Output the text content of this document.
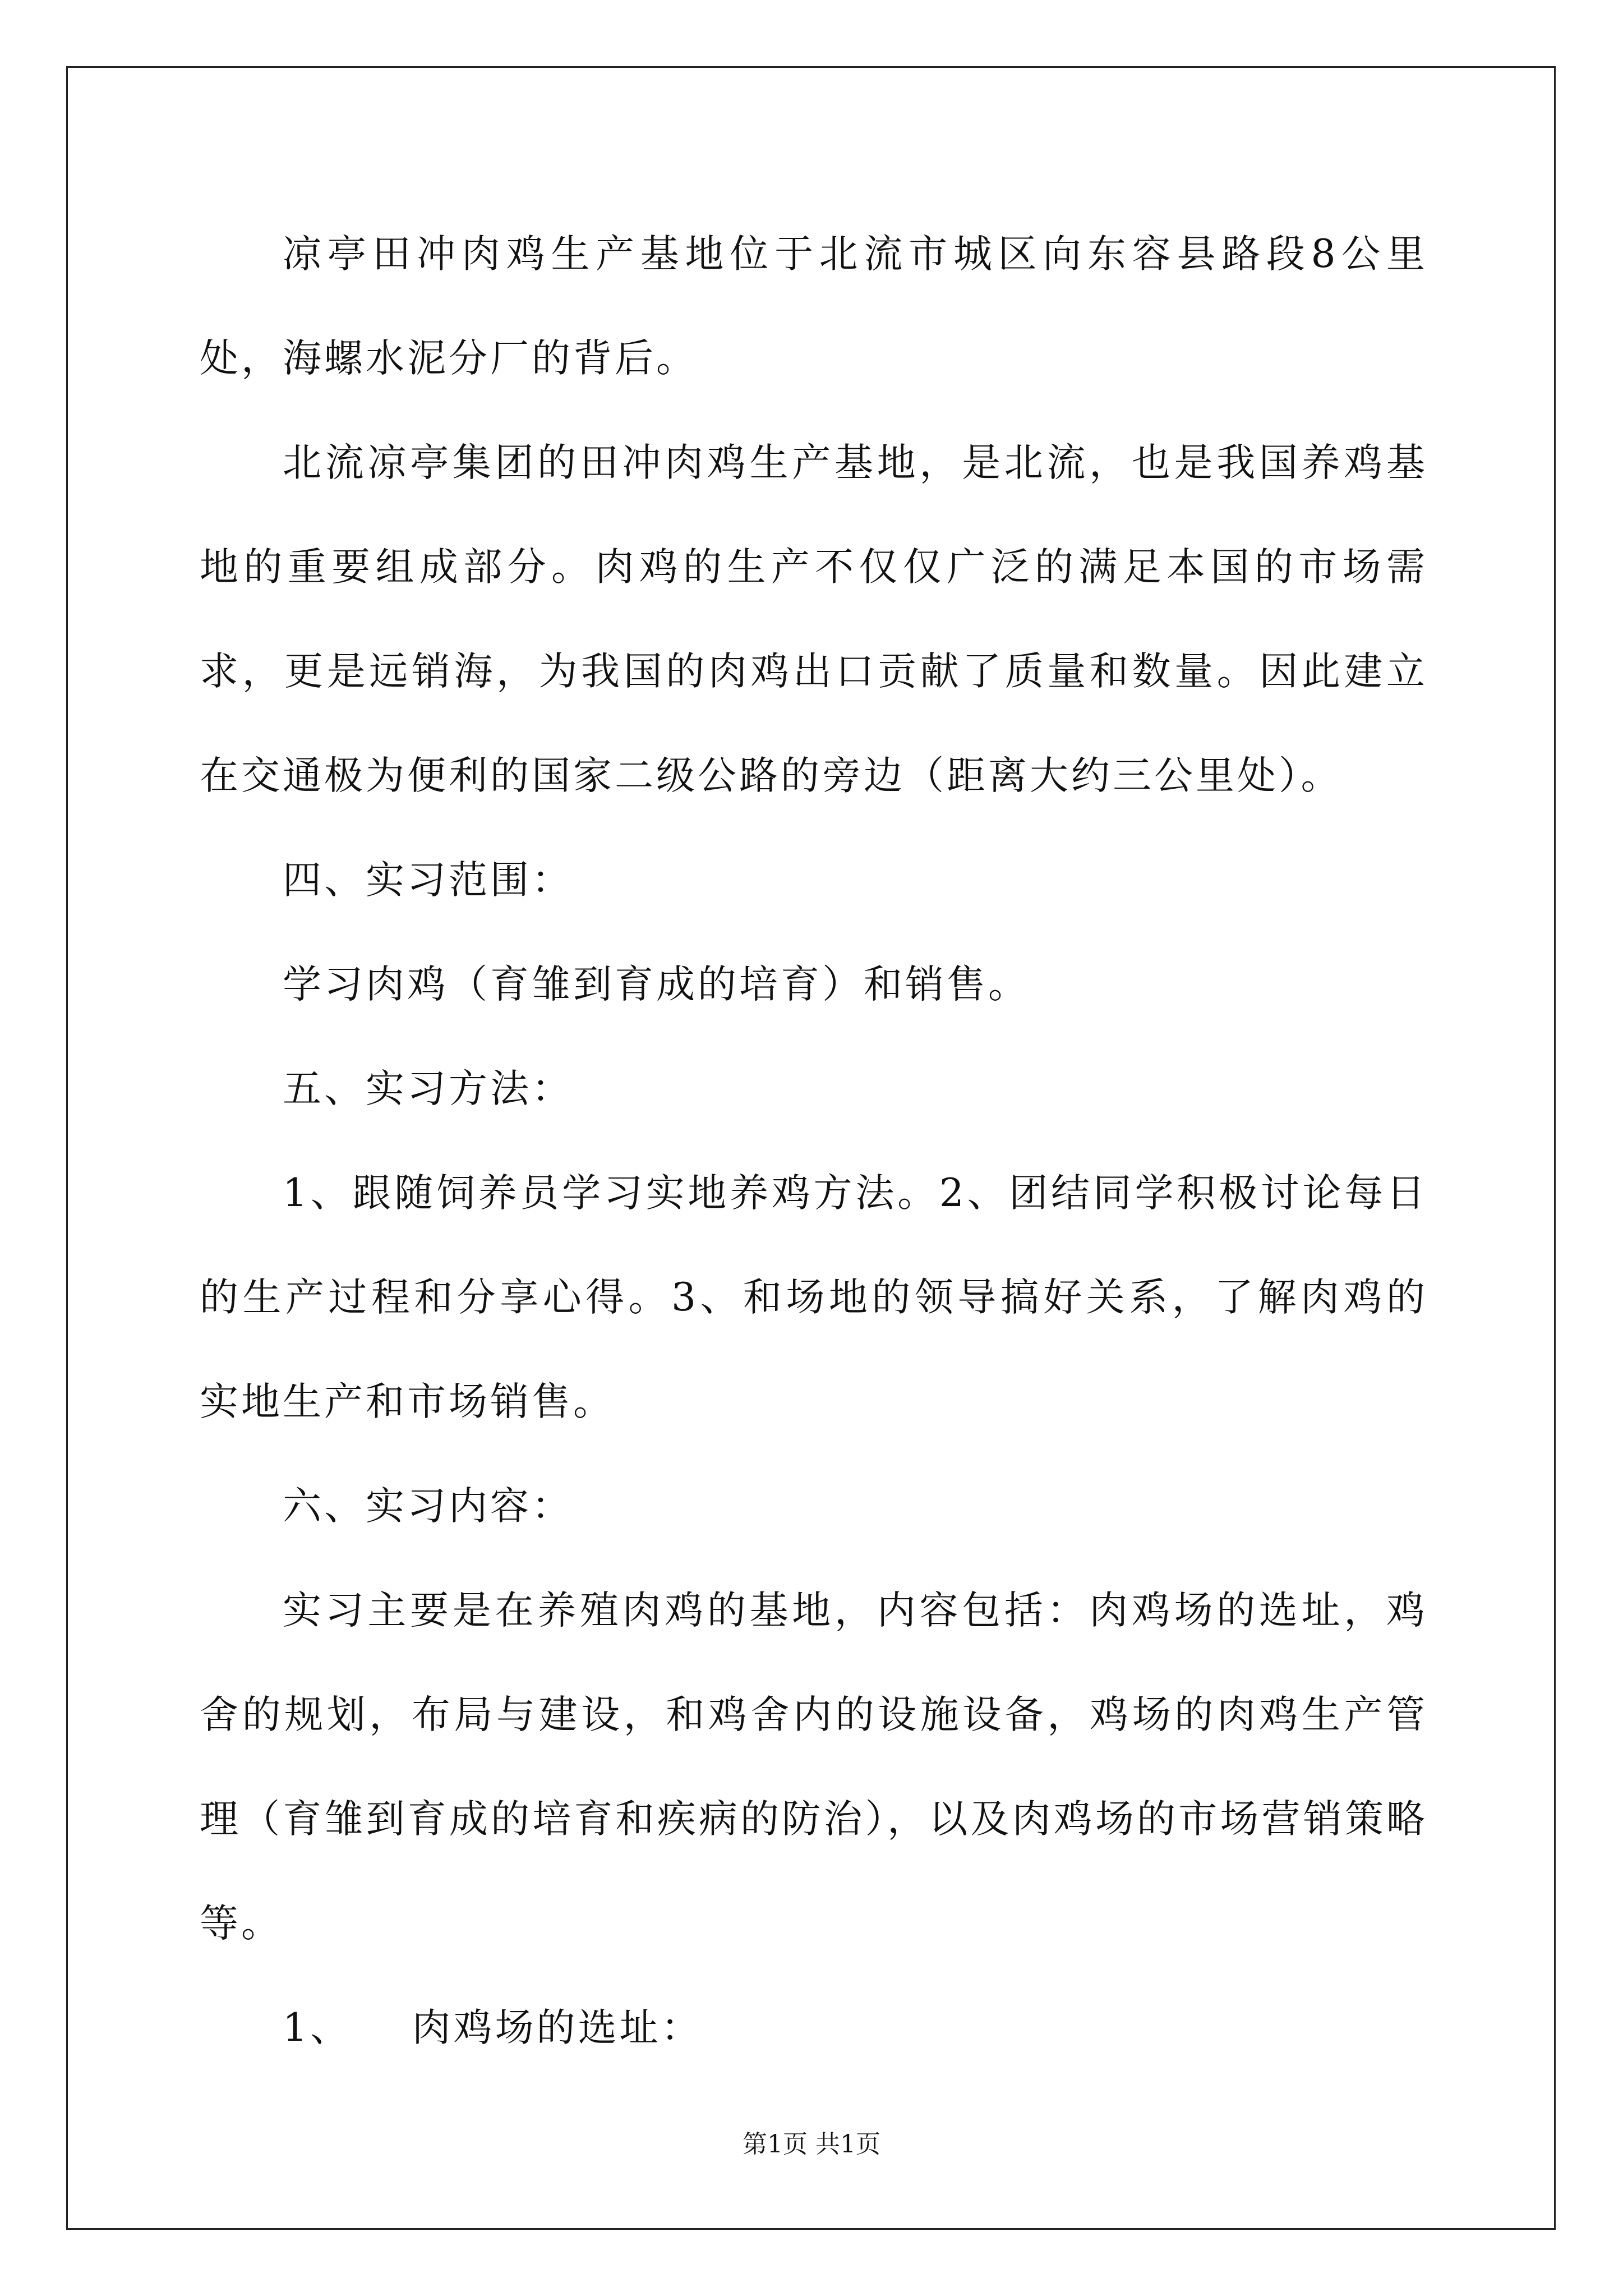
凉亭田冲肉鸡生产基地位于北流市城区向东容县路段8公里处，海螺水泥分厂的背后。

北流凉亭集团的田冲肉鸡生产基地，是北流，也是我国养鸡基地的重要组成部分。肉鸡的生产不仅仅广泛的满足本国的市场需求，更是远销海，为我国的肉鸡出口贡献了质量和数量。因此建立在交通极为便利的国家二级公路的旁边（距离大约三公里处）。

四、实习范围：

学习肉鸡（育雏到育成的培育）和销售。

五、实习方法：

1、跟随饲养员学习实地养鸡方法。2、团结同学积极讨论每日的生产过程和分享心得。3、和场地的领导搞好关系，了解肉鸡的实地生产和市场销售。

六、实习内容：

实习主要是在养殖肉鸡的基地，内容包括：肉鸡场的选址，鸡舍的规划，布局与建设，和鸡舍内的设施设备，鸡场的肉鸡生产管理（育雏到育成的培育和疾病的防治），以及肉鸡场的市场营销策略等。

1、    肉鸡场的选址：

第1页 共1页
